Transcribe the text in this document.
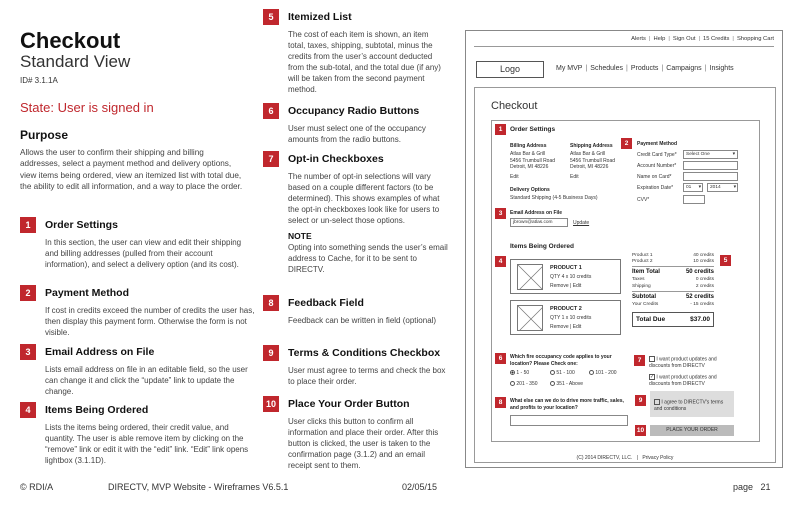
Checkout
Standard View
ID# 3.1.1A
State: User is signed in
Purpose
Allows the user to confirm their shipping and billing addresses, select a payment method and delivery options, view items being ordered, view an itemized list with total due, the ability to edit all information, and a way to place the order.
1	Order Settings
In this section, the user can view and edit their shipping and billing addresses (pulled from their account information), and select a delivery option (and its cost).
2	Payment Method
If cost in credits exceed the number of credits the user has, then display this payment form. Otherwise the form is not visible.
3	Email Address on File
Lists email address on file in an editable field, so the user can change it and click the “update” link to update the change.
4	Items Being Ordered
Lists the items being ordered, their credit value, and quantity. The user is able remove item by clicking on the “remove” link or edit it with the “edit” link. “Edit” link opens lightbox (3.1.1D).
5	Itemized List
The cost of each item is shown, an item total, taxes, shipping, subtotal, minus the credits from the user’s account deducted from the sub-total, and the total due (if any) will be taken from the second payment method.
6	Occupancy Radio Buttons
User must select one of the occupancy amounts from the radio buttons.
7	Opt-in Checkboxes
The number of opt-in selections will vary based on a couple different factors (to be determined). This shows examples of what the opt-in checkboxes look like for users to select or un-select those options.
NOTE
Opting into something sends the user’s email address to Cache, for it to be sent to DIRECTV.
8	Feedback Field
Feedback can be written in field (optional)
9	Terms & Conditions Checkbox
User must agree to terms and check the box to place their order.
10 Place Your Order Button
User clicks this button to confirm all information and place their order. After this button is clicked, the user is taken to the confirmation page (3.1.2) and an email receipt sent to them.
Alerts | Help | Sign Out | 15 Credits | Shopping Cart
Logo	My MVP | Schedules | Products | Campaigns | Insights
Checkout
1	Order Settings
Billing Address
Atlas Bar & Grill
5456 Trumbull Road
Detroit, MI 48226
Edit
Shipping Address
Atlas Bar & Grill
5456 Trumbull Road
Detroit, MI 48226
Edit
Delivery Options
Standard Shipping (4-5 Business Days)
2	Payment Method
Credit Card Type*	Select One	▾
Account Number*
Name on Card*
Expiration Date*	01 ▾	2014	▾
CVV*
3	Email Address on File
jbrown@atlas.com	Update
Items Being Ordered
4
PRODUCT 1
QTY 4 x 10 credits
Remove | Edit
PRODUCT 2
QTY 1 x 10 credits
Remove | Edit
Product 1	40 credits
Product 2	10 credits
Item Total	50 credits
Taxes	0 credits
Shipping	2 credits
Subtotal	52 credits
Your Credits	- 15 credits
Total Due	$37.00
5
6	Which fire occupancy code applies to your location? Please Check one:
1 - 50	51 - 100	101 - 200
201 - 350	351 - Above
7	I want product updates and discounts from DIRECTV
✓ I want product updates and discounts from DIRECTV
8	What else can we do to drive more traffic, sales, and profits to your location?
9	I agree to DIRECTV's terms and conditions
10	PLACE YOUR ORDER
(C) 2014 DIRECTV, LLC. | Privacy Policy
© RDI/A	DIRECTV, MVP Website - Wireframes V6.5.1	02/05/15	page 21
